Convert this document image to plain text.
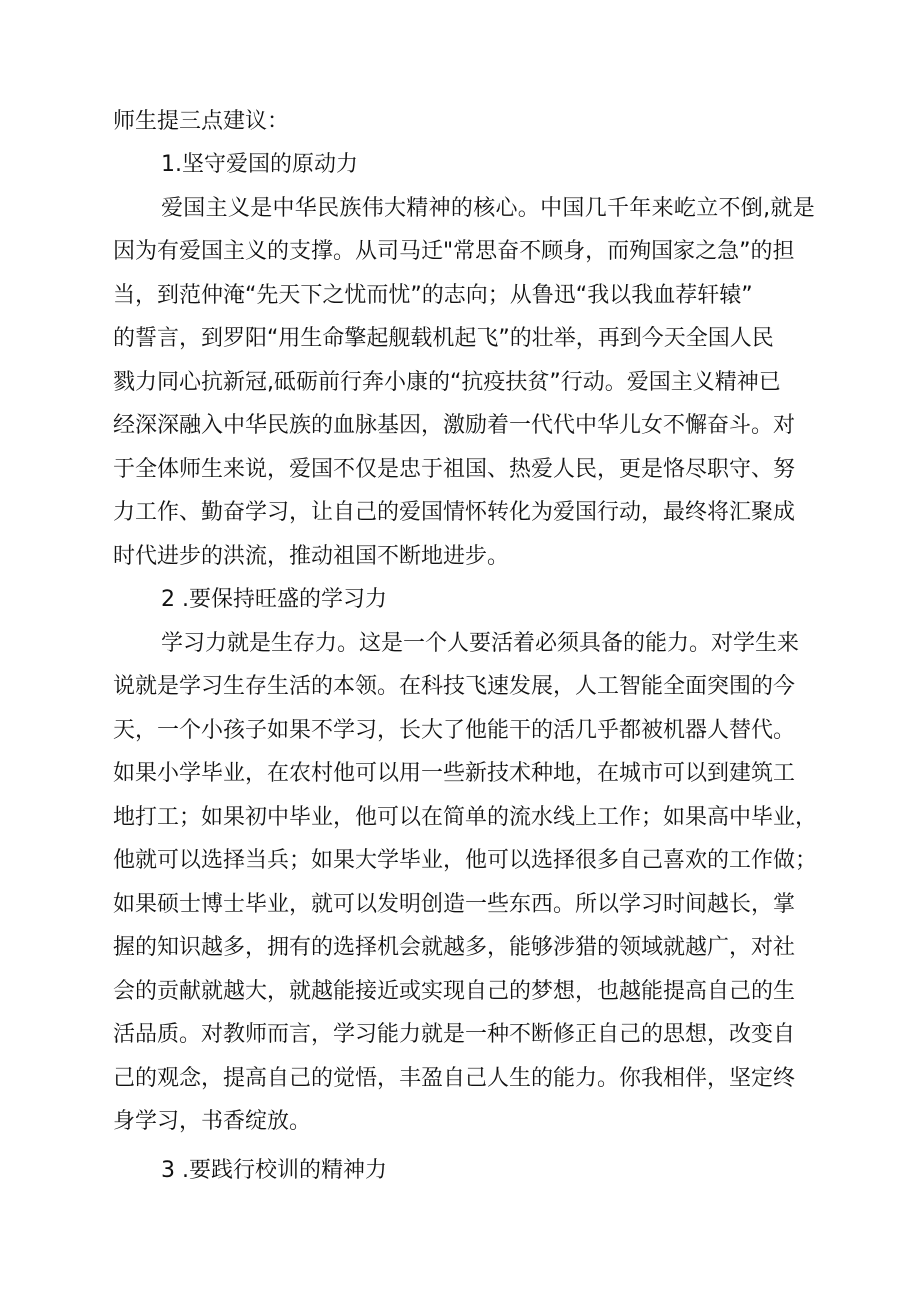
师生提三点建议：
1.坚守爱国的原动力
爱国主义是中华民族伟大精神的核心。中国几千年来屹立不倒,就是
因为有爱国主义的支撑。从司马迁"常思奋不顾身，而殉国家之急”的担
当，到范仲淹“先天下之忧而忧”的志向；从鲁迅“我以我血荐轩辕”
的誓言，到罗阳“用生命擎起舰载机起飞”的壮举，再到今天全国人民
戮力同心抗新冠,砥砺前行奔小康的“抗疫扶贫”行动。爱国主义精神已
经深深融入中华民族的血脉基因，激励着一代代中华儿女不懈奋斗。对
于全体师生来说，爱国不仅是忠于祖国、热爱人民，更是恪尽职守、努
力工作、勤奋学习，让自己的爱国情怀转化为爱国行动，最终将汇聚成
时代进步的洪流，推动祖国不断地进步。
2 .要保持旺盛的学习力
学习力就是生存力。这是一个人要活着必须具备的能力。对学生来
说就是学习生存生活的本领。在科技飞速发展，人工智能全面突围的今
天，一个小孩子如果不学习，长大了他能干的活几乎都被机器人替代。
如果小学毕业，在农村他可以用一些新技术种地，在城市可以到建筑工
地打工；如果初中毕业，他可以在简单的流水线上工作；如果高中毕业，
他就可以选择当兵；如果大学毕业，他可以选择很多自己喜欢的工作做；
如果硕士博士毕业，就可以发明创造一些东西。所以学习时间越长，掌
握的知识越多，拥有的选择机会就越多，能够涉猎的领域就越广，对社
会的贡献就越大，就越能接近或实现自己的梦想，也越能提高自己的生
活品质。对教师而言，学习能力就是一种不断修正自己的思想，改变自
己的观念，提高自己的觉悟，丰盈自己人生的能力。你我相伴，坚定终
身学习，书香绽放。
3 .要践行校训的精神力
